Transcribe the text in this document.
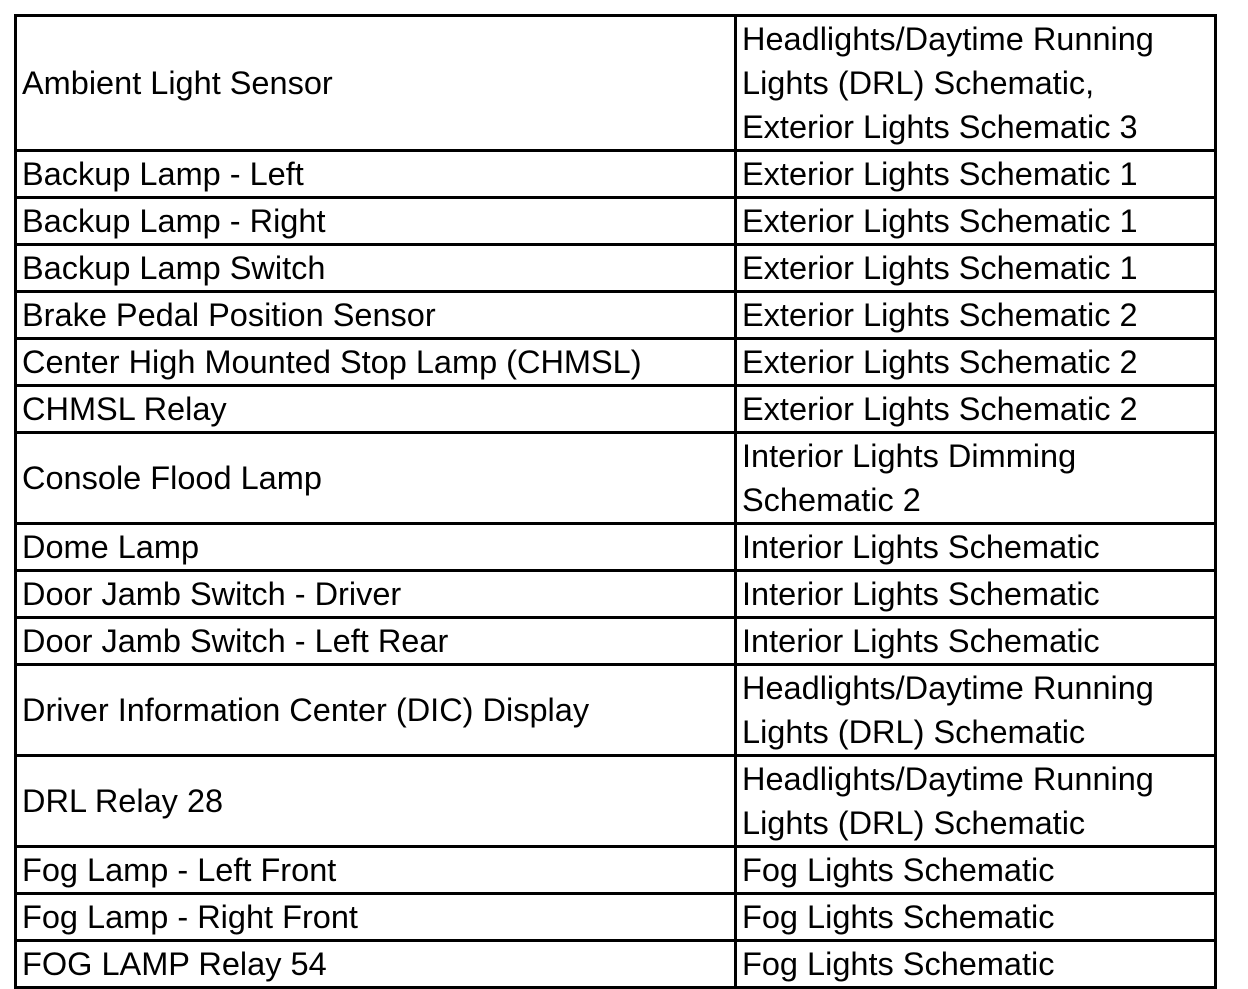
Ambient Light Sensor	Headlights/Daytime Running
Lights (DRL) Schematic,
Exterior Lights Schematic 3
Backup Lamp - Left	Exterior Lights Schematic 1
Backup Lamp - Right	Exterior Lights Schematic 1
Backup Lamp Switch	Exterior Lights Schematic 1
Brake Pedal Position Sensor	Exterior Lights Schematic 2
Center High Mounted Stop Lamp (CHMSL)	Exterior Lights Schematic 2
CHMSL Relay	Exterior Lights Schematic 2
Console Flood Lamp	Interior Lights Dimming
Schematic 2
Dome Lamp	Interior Lights Schematic
Door Jamb Switch - Driver	Interior Lights Schematic
Door Jamb Switch - Left Rear	Interior Lights Schematic
Driver Information Center (DIC) Display	Headlights/Daytime Running
Lights (DRL) Schematic
DRL Relay 28	Headlights/Daytime Running
Lights (DRL) Schematic
Fog Lamp - Left Front	Fog Lights Schematic
Fog Lamp - Right Front	Fog Lights Schematic
FOG LAMP Relay 54	Fog Lights Schematic
